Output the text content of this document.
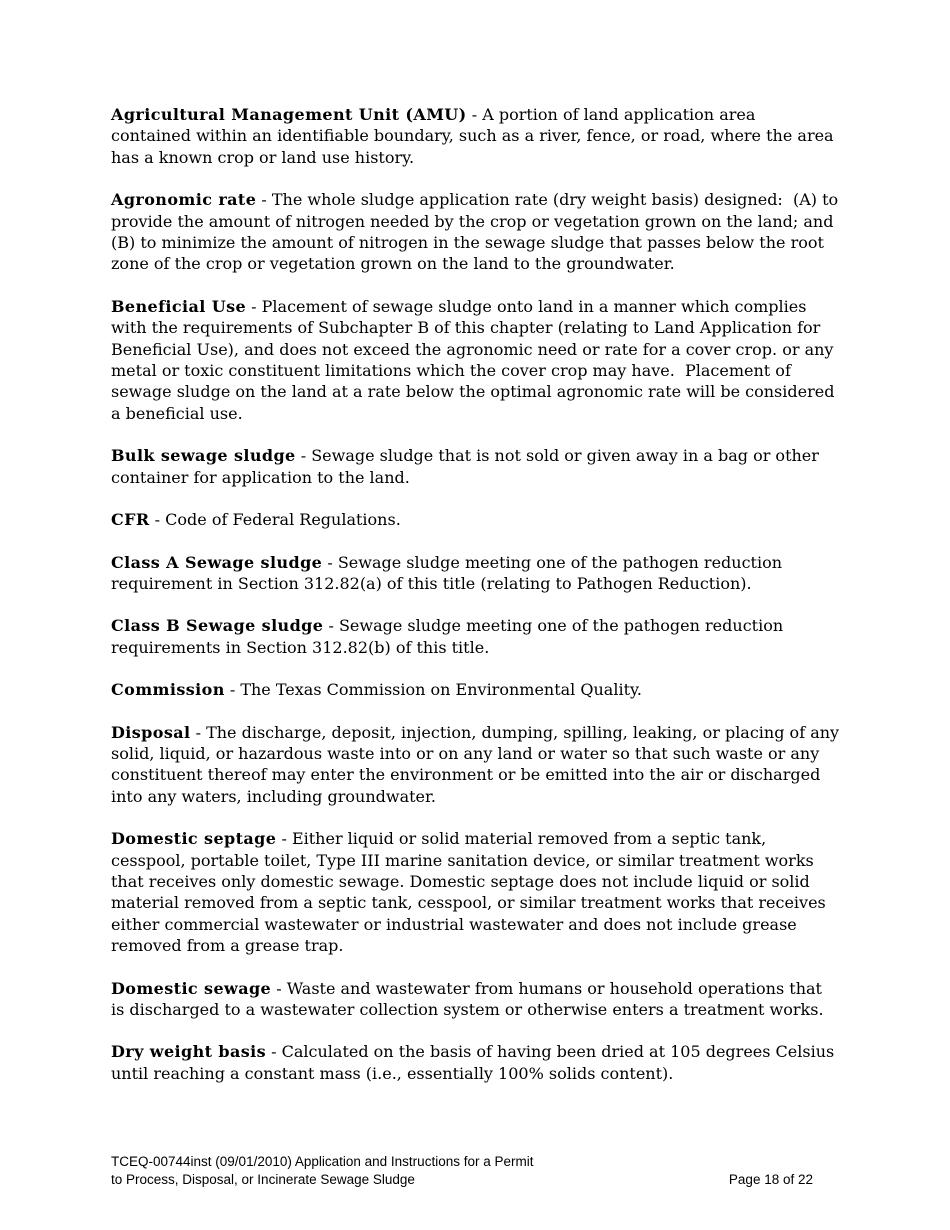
Agricultural Management Unit (AMU) - A portion of land application area contained within an identifiable boundary, such as a river, fence, or road, where the area has a known crop or land use history.

Agronomic rate - The whole sludge application rate (dry weight basis) designed:  (A) to provide the amount of nitrogen needed by the crop or vegetation grown on the land; and  (B) to minimize the amount of nitrogen in the sewage sludge that passes below the root zone of the crop or vegetation grown on the land to the groundwater.

Beneficial Use - Placement of sewage sludge onto land in a manner which complies with the requirements of Subchapter B of this chapter (relating to Land Application for Beneficial Use), and does not exceed the agronomic need or rate for a cover crop. or any metal or toxic constituent limitations which the cover crop may have.  Placement of sewage sludge on the land at a rate below the optimal agronomic rate will be considered a beneficial use.

Bulk sewage sludge - Sewage sludge that is not sold or given away in a bag or other container for application to the land.

CFR - Code of Federal Regulations.

Class A Sewage sludge - Sewage sludge meeting one of the pathogen reduction requirement in Section 312.82(a) of this title (relating to Pathogen Reduction).

Class B Sewage sludge - Sewage sludge meeting one of the pathogen reduction requirements in Section 312.82(b) of this title.

Commission - The Texas Commission on Environmental Quality.

Disposal - The discharge, deposit, injection, dumping, spilling, leaking, or placing of any solid, liquid, or hazardous waste into or on any land or water so that such waste or any constituent thereof may enter the environment or be emitted into the air or discharged into any waters, including groundwater.

Domestic septage - Either liquid or solid material removed from a septic tank, cesspool, portable toilet, Type III marine sanitation device, or similar treatment works that receives only domestic sewage. Domestic septage does not include liquid or solid material removed from a septic tank, cesspool, or similar treatment works that receives either commercial wastewater or industrial wastewater and does not include grease removed from a grease trap.

Domestic sewage - Waste and wastewater from humans or household operations that is discharged to a wastewater collection system or otherwise enters a treatment works.

Dry weight basis - Calculated on the basis of having been dried at 105 degrees Celsius until reaching a constant mass (i.e., essentially 100% solids content).

TCEQ-00744inst (09/01/2010) Application and Instructions for a Permit
to Process, Disposal, or Incinerate Sewage Sludge	Page 18 of 22
